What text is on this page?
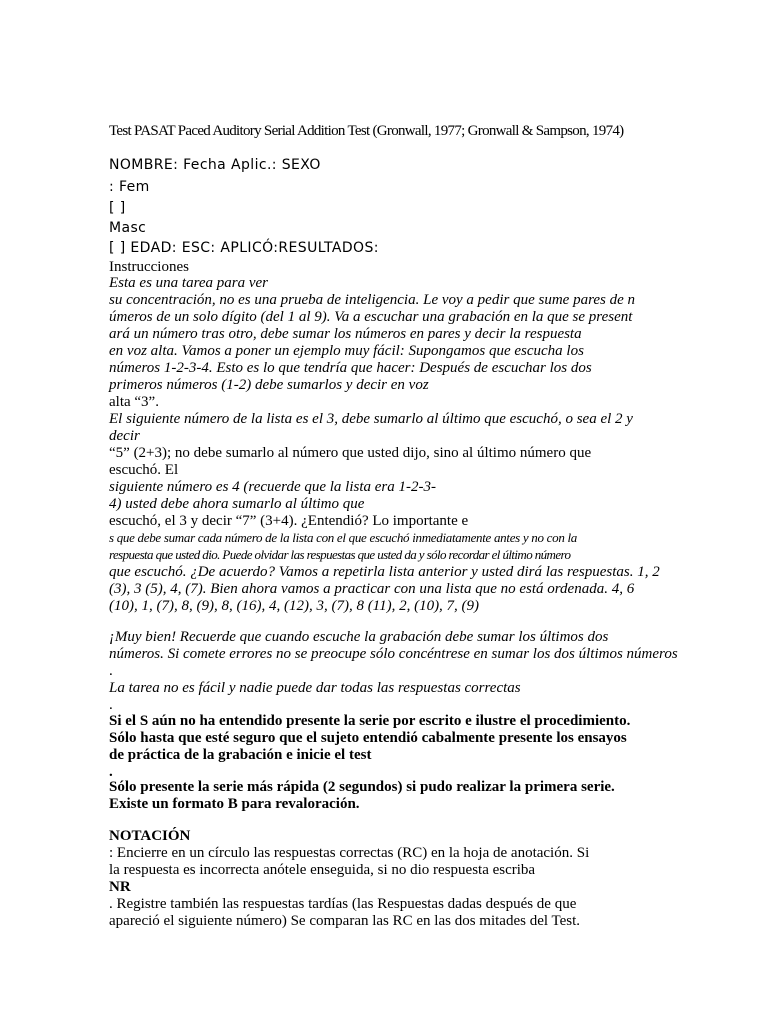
Test PASAT Paced Auditory Serial Addition Test (Gronwall, 1977; Gronwall & Sampson, 1974)
NOMBRE: Fecha Aplic.: SEXO
: Fem
[ ]
Masc
[ ] EDAD: ESC: APLICÓ:RESULTADOS:
Instrucciones
Esta es una tarea para ver
su concentración, no es una prueba de inteligencia. Le voy a pedir que sume pares de n
úmeros de un solo dígito (del 1 al 9). Va a escuchar una grabación en la que se present
ará un número tras otro, debe sumar los números en pares y decir la respuesta
en voz alta. Vamos a poner un ejemplo muy fácil: Supongamos que escucha los
números 1-2-3-4. Esto es lo que tendría que hacer: Después de escuchar los dos
primeros números (1-2) debe sumarlos y decir en voz
alta “3”.
El siguiente número de la lista es el 3, debe sumarlo al último que escuchó, o sea el 2 y
decir
“5” (2+3); no debe sumarlo al número que usted dijo, sino al último número que
escuchó. El
siguiente número es 4 (recuerde que la lista era 1-2-3-
4) usted debe ahora sumarlo al último que
escuchó, el 3 y decir “7” (3+4). ¿Entendió? Lo importante e
s que debe sumar cada número de la lista con el que escuchó inmediatamente antes y no con la
respuesta que usted dio. Puede olvidar las respuestas que usted da y sólo recordar el último número
que escuchó. ¿De acuerdo? Vamos a repetirla lista anterior y usted dirá las respuestas. 1, 2
(3), 3 (5), 4, (7). Bien ahora vamos a practicar con una lista que no está ordenada. 4, 6
(10), 1, (7), 8, (9), 8, (16), 4, (12), 3, (7), 8 (11), 2, (10), 7, (9)
¡Muy bien! Recuerde que cuando escuche la grabación debe sumar los últimos dos
números. Si comete errores no se preocupe sólo concéntrese en sumar los dos últimos números
.
La tarea no es fácil y nadie puede dar todas las respuestas correctas
.
Si el S aún no ha entendido presente la serie por escrito e ilustre el procedimiento.
Sólo hasta que esté seguro que el sujeto entendió cabalmente presente los ensayos
de práctica de la grabación e inicie el test
.
Sólo presente la serie más rápida (2 segundos) si pudo realizar la primera serie.
Existe un formato B para revaloración.
NOTACIÓN
: Encierre en un círculo las respuestas correctas (RC) en la hoja de anotación. Si
la respuesta es incorrecta anótele enseguida, si no dio respuesta escriba
NR
. Registre también las respuestas tardías (las Respuestas dadas después de que
apareció el siguiente número) Se comparan las RC en las dos mitades del Test.
